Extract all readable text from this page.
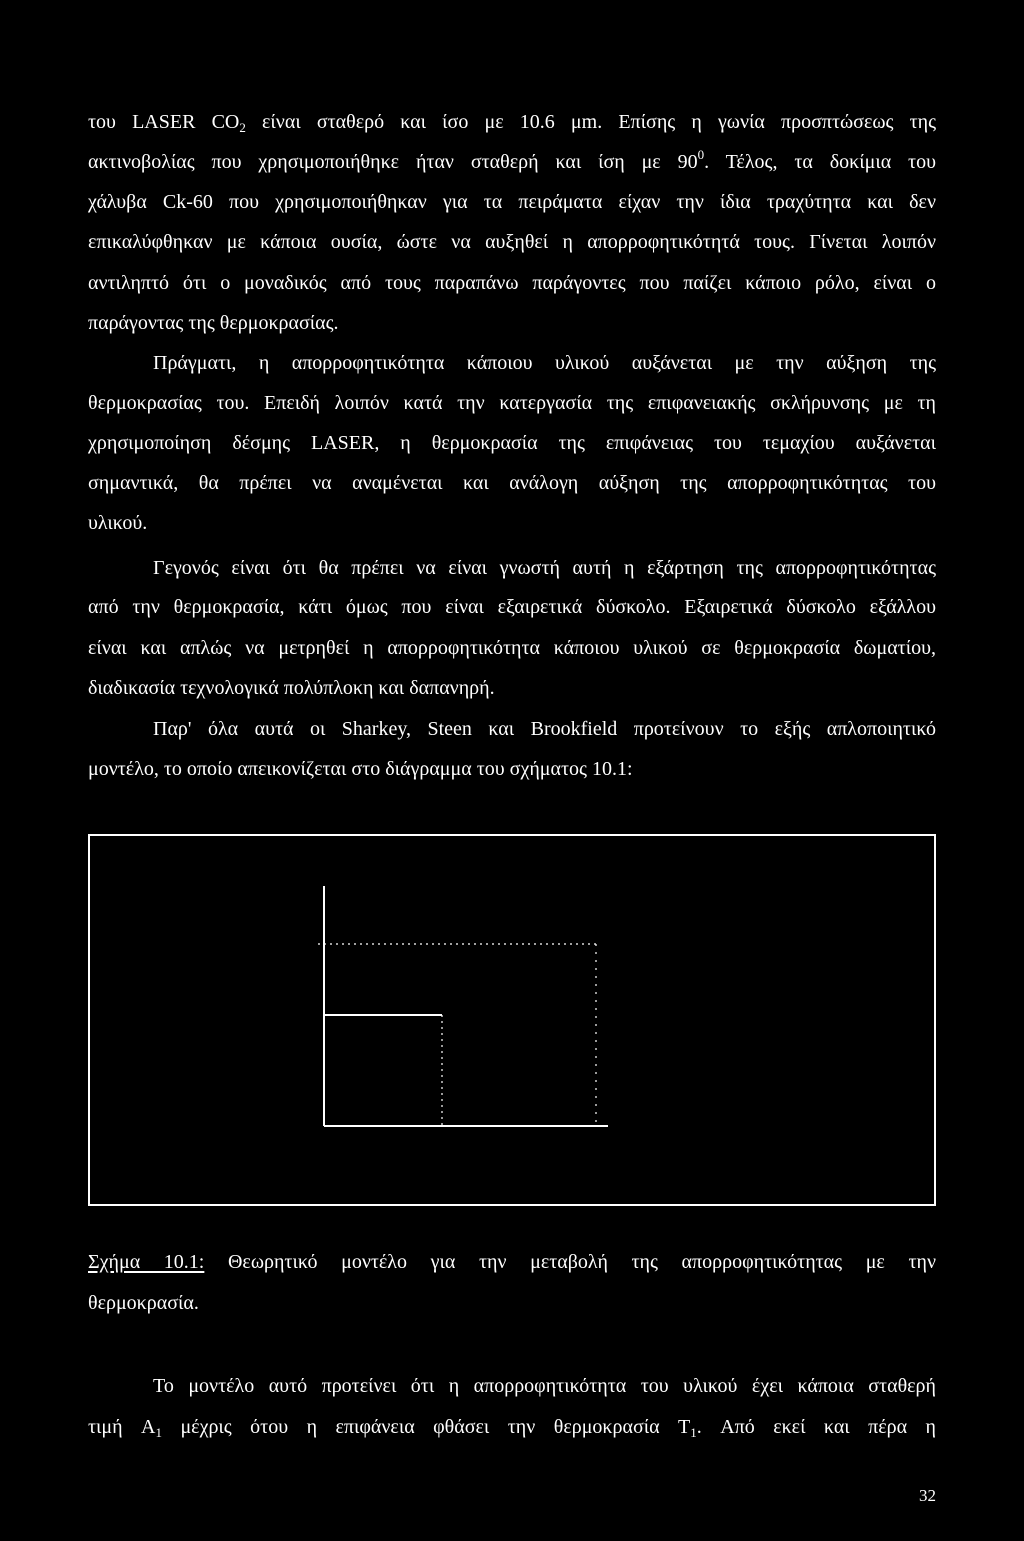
του LASER $CO_2$ είναι σταθερό και ίσο με 10.6 μm. Επίσης η γωνία προσπτώσεως της
ακτινοβολίας που χρησιμοποιήθηκε ήταν σταθερή και ίση με $90^0$. Τέλος, τα δοκίμια του
χάλυβα Ck-60 που χρησιμοποιήθηκαν για τα πειράματα είχαν την ίδια τραχύτητα και δεν
επικαλύφθηκαν με κάποια ουσία, ώστε να αυξηθεί η απορροφητικότητά τους. Γίνεται λοιπόν
αντιληπτό ότι ο μοναδικός από τους παραπάνω παράγοντες που παίζει κάποιο ρόλο, είναι ο
παράγοντας της θερμοκρασίας.
Πράγματι, η απορροφητικότητα κάποιου υλικού αυξάνεται με την αύξηση της
θερμοκρασίας του. Επειδή λοιπόν κατά την κατεργασία της επιφανειακής σκλήρυνσης με τη
χρησιμοποίηση δέσμης LASER, η θερμοκρασία της επιφάνειας του τεμαχίου αυξάνεται
σημαντικά, θα πρέπει να αναμένεται και ανάλογη αύξηση της απορροφητικότητας του
υλικού.
Γεγονός είναι ότι θα πρέπει να είναι γνωστή αυτή η εξάρτηση της απορροφητικότητας
από την θερμοκρασία, κάτι όμως που είναι εξαιρετικά δύσκολο. Εξαιρετικά δύσκολο εξάλλου
είναι και απλώς να μετρηθεί η απορροφητικότητα κάποιου υλικού σε θερμοκρασία δωματίου,
διαδικασία τεχνολογικά πολύπλοκη και δαπανηρή.
Παρ' όλα αυτά οι Sharkey, Steen και Brookfield προτείνουν το εξής απλοποιητικό
μοντέλο, το οποίο απεικονίζεται στο διάγραμμα του σχήματος 10.1:
Σχήμα 10.1: Θεωρητικό μοντέλο για την μεταβολή της απορροφητικότητας με την
θερμοκρασία.
Το μοντέλο αυτό προτείνει ότι η απορροφητικότητα του υλικού έχει κάποια σταθερή
τιμή $A_1$ μέχρις ότου η επιφάνεια φθάσει την θερμοκρασία $T_1$. Από εκεί και πέρα η
32
